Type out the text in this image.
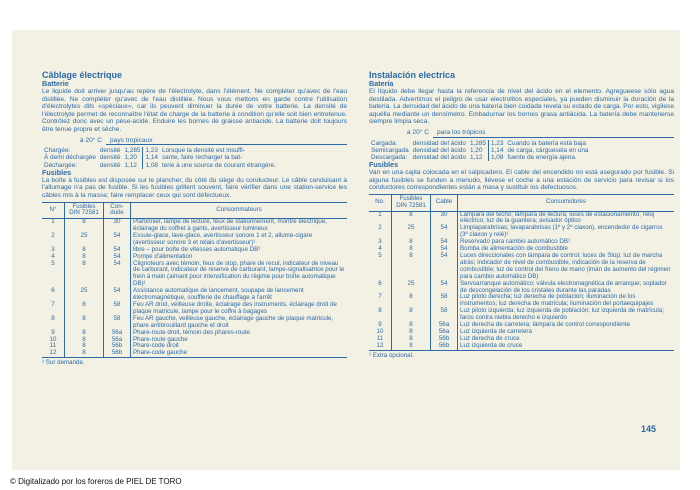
Câblage électrique
Batterie

Le liquide doit arriver jusqu'au repère de l'électrolyte, dans l'élément. Ne compléter qu'avec de l'eau distillée. Ne compléter qu'avec de l'eau distillée. Nous vous mettons en garde contre l'utilisation d'électrolytes dits «spéciaux», car ils peuvent diminuer la durée de votre batterie. La densité de l'électrolyte permet de reconnaître l'état de charge de la batterie à condition qu'elle soit bien entretenue. Contrôlez donc avec un pèse-acide. Enduire les bornes de graisse antiacide. La batterie doit toujours être tenue propre et sèche.

à 20° C	pays tropicaux
Chargée:	densité	1,285	1,23	Lorsque la densité est insuffi-
À demi déchargée	densité	1,20	1,14	sante, faire recharger la bat-
Déchargée:	densité	1,12	1,08	terie à une source de courant étrangère.
Fusibles

La boîte à fusibles est disposée sur le plancher, du côté du siège du conducteur. Le câble conduisant à l'allumage n'a pas de fusible. Si les fusibles grillent souvent, faire vérifier dans une station-service les câbles mis à la masse; faire remplacer ceux qui sont défectueux.

N°	Fusibles DIN 72581	Con-duite	Consommateurs
1	8	30	Plafonnier, lampe de lecture, feux de stationnement, montre électrique, éclairage du coffret à gants, avertisseur lumineux
2	25	54	Essuie-glace, lave-glace, avertisseur sonore 1 et 2, allume-cigare (avertisseur sonore 3 et relais d'avertisseur)¹
3	8	54	libre – pour boîte de vitesses automatique DB¹
4	8	54	Pompe d'alimentation
5	8	54	Clignoteurs avec témoin, feux de stop, phare de recul, indicateur de niveau de carburant, indicateur de réserve de carburant, lampe-signalisatrice pour le frein à main (aimant pour intensification du régime pour boîte automatique DB)¹
6	25	54	Assistance automatique de lancement, soupape de lancement électromagnétique, soufflerie de chauffage à l'arrêt
7	8	58	Feu AR droit, veilleuse droite, éclairage des instruments, éclairage droit de plaque matricule, lampe pour le coffre à bagages
8	8	58	Feu AR gauche, veilleuse gauche, éclairage gauche de plaque matricule, phare antibrouillard gauche et droit
9	8	56a	Phare-route droit, témoin des phares-route
10	8	56a	Phare-route gauche
11	8	56b	Phare-code droit
12	8	56b	Phare-code gauche
¹ Sur demande.
Instalación electrica
Batería

El líquido debe llegar hasta la referencia de nivel del ácido en el elemento. Agregueese sólo agua destilada. Advertimos el peligro de usar electrolitos especiales, ya pueden disminuir la duración de la batería. La densidad del ácido de una batería bien cuidada revela su estado de carga. Por esto, vigílese aquélla mediante un densímetro. Embadurnar los bornes grasa antiácida. La batería debe mantenerse siempre limpia seca.

a 20° C	para los trópicos
Cargada:	densidad del ácido	1,285	1,23	Cuando la batería está baja
Semicargada	densidad del ácido	1,20	1,14	de carga, cárguesela en una
Descargada:	densidad del ácido	1,12	1,08	fuente de energía ajena.
Fusibles

Van en una cajita colocada en el salpicadero. El cable del encendido no está asegurado por fusible. Si alguna fusibles se funden a menudo, llévese el coche a una estación de servicio para revisar si los conductores correspondientes están a masa y sustituir los defectuosos.

No.	Fusibles DIN 72581	Cable	Consumidores
1	8	30	Lámpara del techo; lámpara de lectura; luces de estacionamiento; reloj eléctrico; luz de la guantera; avisador óptico
2	25	54	Limpiaparabrisas; lavaparabrisas (1º y 2º claxon), encendedor de cigarros (3º claxon y relé)¹
3	8	54	Reservado para cambio automático DB¹
4	8	54	Bomba de alimentación de combustible
5	8	54	Luces direccionales con lámpara de control; luces de Stop; luz de marcha atrás; indicador de nivel de combustible, indicación de la reserva de combustible; luz de control del freno de mano (imán de aumento del régimen para cambio automático DB)
6	25	54	Servoarranque automático; válvula electromagnética de arranque; soplador de descongelación de los cristales durante las paradas
7	8	58	Luz piloto derecha; luz derecha de población; iluminación de los instrumentos; luz derecha de matrícula; iluminación del portaequipajes
8	8	58	Luz piloto izquierda; luz izquierda de población; luz izquierda de matrícula; faros contra niebla derecho e izquierdo
9	8	56a	Luz derecha de carretera; lámpara de control correspondiente
10	8	56a	Luz izquierda de carretera
11	8	56b	Luz derecha de cruce
12	8	56b	Luz izquierda de cruce
¹ Extra opcional.
145
© Digitalizado por los foreros de PIEL DE TORO
